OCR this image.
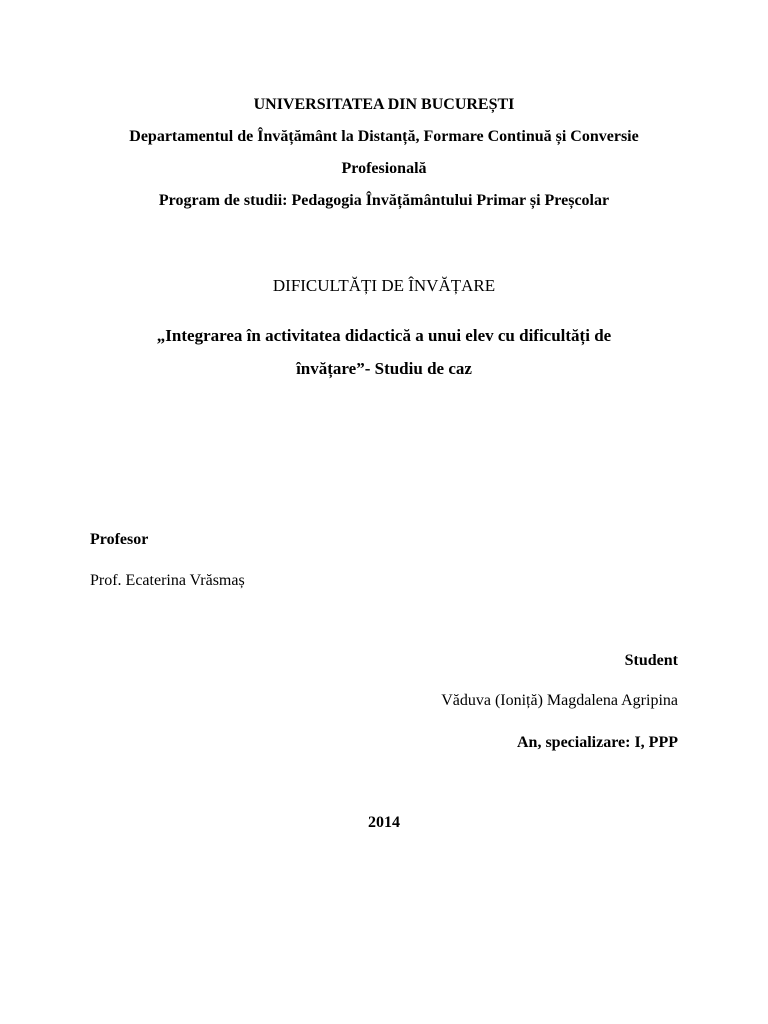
UNIVERSITATEA DIN BUCUREȘTI
Departamentul de Învățământ la Distanță, Formare Continuă și Conversie
Profesională
Program de studii: Pedagogia Învățământului Primar și Preșcolar
DIFICULTĂȚI DE ÎNVĂȚARE
„Integrarea în activitatea didactică a unui elev cu dificultăți de
învățare”- Studiu de caz
Profesor
Prof. Ecaterina Vrăsmaș
Student
Văduva (Ioniță) Magdalena Agripina
An, specializare: I, PPP
2014
